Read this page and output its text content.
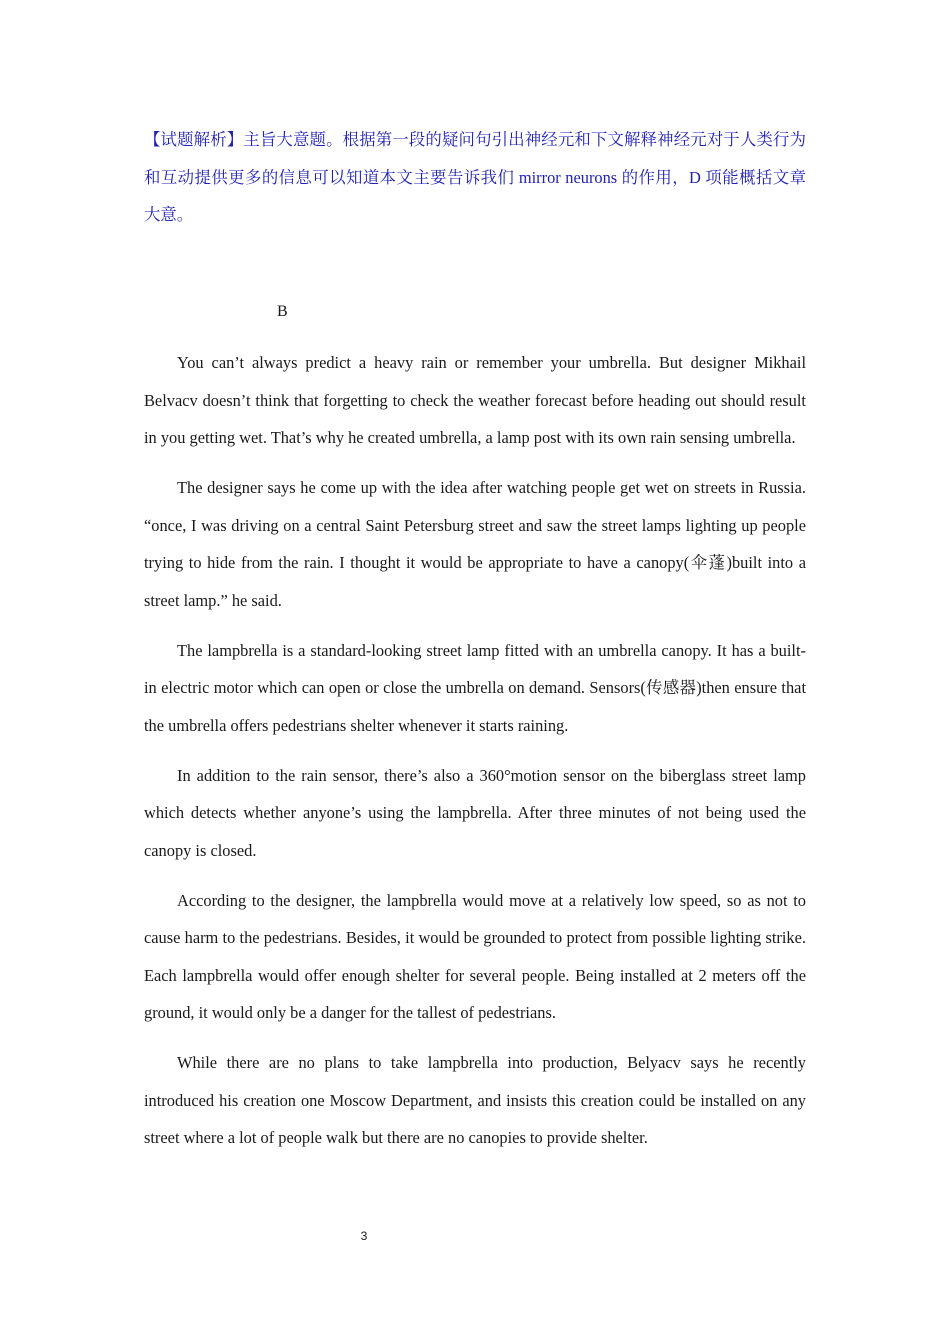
【试题解析】主旨大意题。根据第一段的疑问句引出神经元和下文解释神经元对于人类行为和互动提供更多的信息可以知道本文主要告诉我们 mirror neurons 的作用，D 项能概括文章大意。
B

You can’t always predict a heavy rain or remember your umbrella. But designer Mikhail Belvacv doesn’t think that forgetting to check the weather forecast before heading out should result in you getting wet. That’s why he created umbrella, a lamp post with its own rain sensing umbrella.

The designer says he come up with the idea after watching people get wet on streets in Russia. “once, I was driving on a central Saint Petersburg street and saw the street lamps lighting up people trying to hide from the rain. I thought it would be appropriate to have a canopy(伞蓬)built into a street lamp.” he said.

The lampbrella is a standard-looking street lamp fitted with an umbrella canopy. It has a built-in electric motor which can open or close the umbrella on demand. Sensors(传感器)then ensure that the umbrella offers pedestrians shelter whenever it starts raining.

In addition to the rain sensor, there’s also a 360°motion sensor on the biberglass street lamp which detects whether anyone’s using the lampbrella. After three minutes of not being used the canopy is closed.

According to the designer, the lampbrella would move at a relatively low speed, so as not to cause harm to the pedestrians. Besides, it would be grounded to protect from possible lighting strike. Each lampbrella would offer enough shelter for several people. Being installed at 2 meters off the ground, it would only be a danger for the tallest of pedestrians.

While there are no plans to take lampbrella into production, Belyacv says he recently introduced his creation one Moscow Department, and insists this creation could be installed on any street where a lot of people walk but there are no canopies to provide shelter.

3
